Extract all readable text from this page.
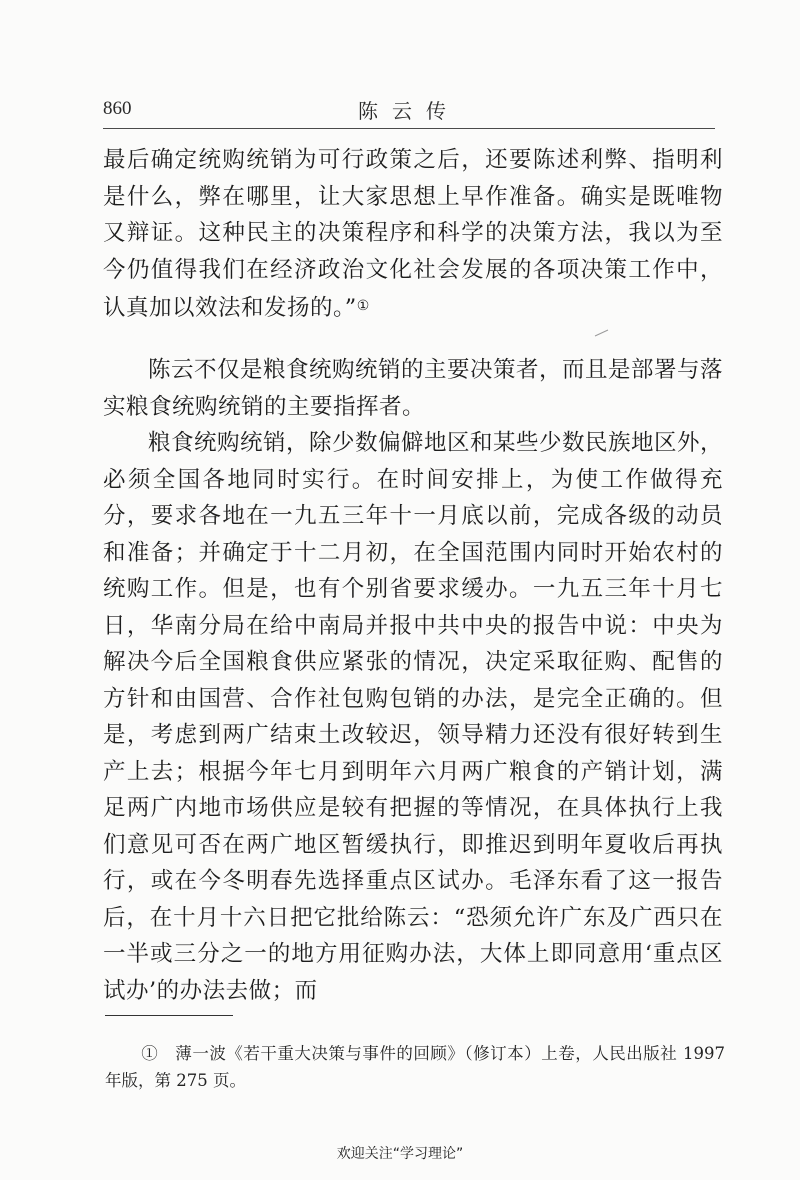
860	陈云传

最后确定统购统销为可行政策之后，还要陈述利弊、指明利是什么，弊在哪里，让大家思想上早作准备。确实是既唯物又辩证。这种民主的决策程序和科学的决策方法，我以为至今仍值得我们在经济政治文化社会发展的各项决策工作中，认真加以效法和发扬的。”①

陈云不仅是粮食统购统销的主要决策者，而且是部署与落实粮食统购统销的主要指挥者。

粮食统购统销，除少数偏僻地区和某些少数民族地区外，必须全国各地同时实行。在时间安排上，为使工作做得充分，要求各地在一九五三年十一月底以前，完成各级的动员和准备；并确定于十二月初，在全国范围内同时开始农村的统购工作。但是，也有个别省要求缓办。一九五三年十月七日，华南分局在给中南局并报中共中央的报告中说：中央为解决今后全国粮食供应紧张的情况，决定采取征购、配售的方针和由国营、合作社包购包销的办法，是完全正确的。但是，考虑到两广结束土改较迟，领导精力还没有很好转到生产上去；根据今年七月到明年六月两广粮食的产销计划，满足两广内地市场供应是较有把握的等情况，在具体执行上我们意见可否在两广地区暂缓执行，即推迟到明年夏收后再执行，或在今冬明春先选择重点区试办。毛泽东看了这一报告后，在十月十六日把它批给陈云：“恐须允许广东及广西只在一半或三分之一的地方用征购办法，大体上即同意用‘重点区试办’的办法去做；而

①　薄一波《若干重大决策与事件的回顾》（修订本）上卷，人民出版社 1997 年版，第 275 页。
欢迎关注“学习理论”
